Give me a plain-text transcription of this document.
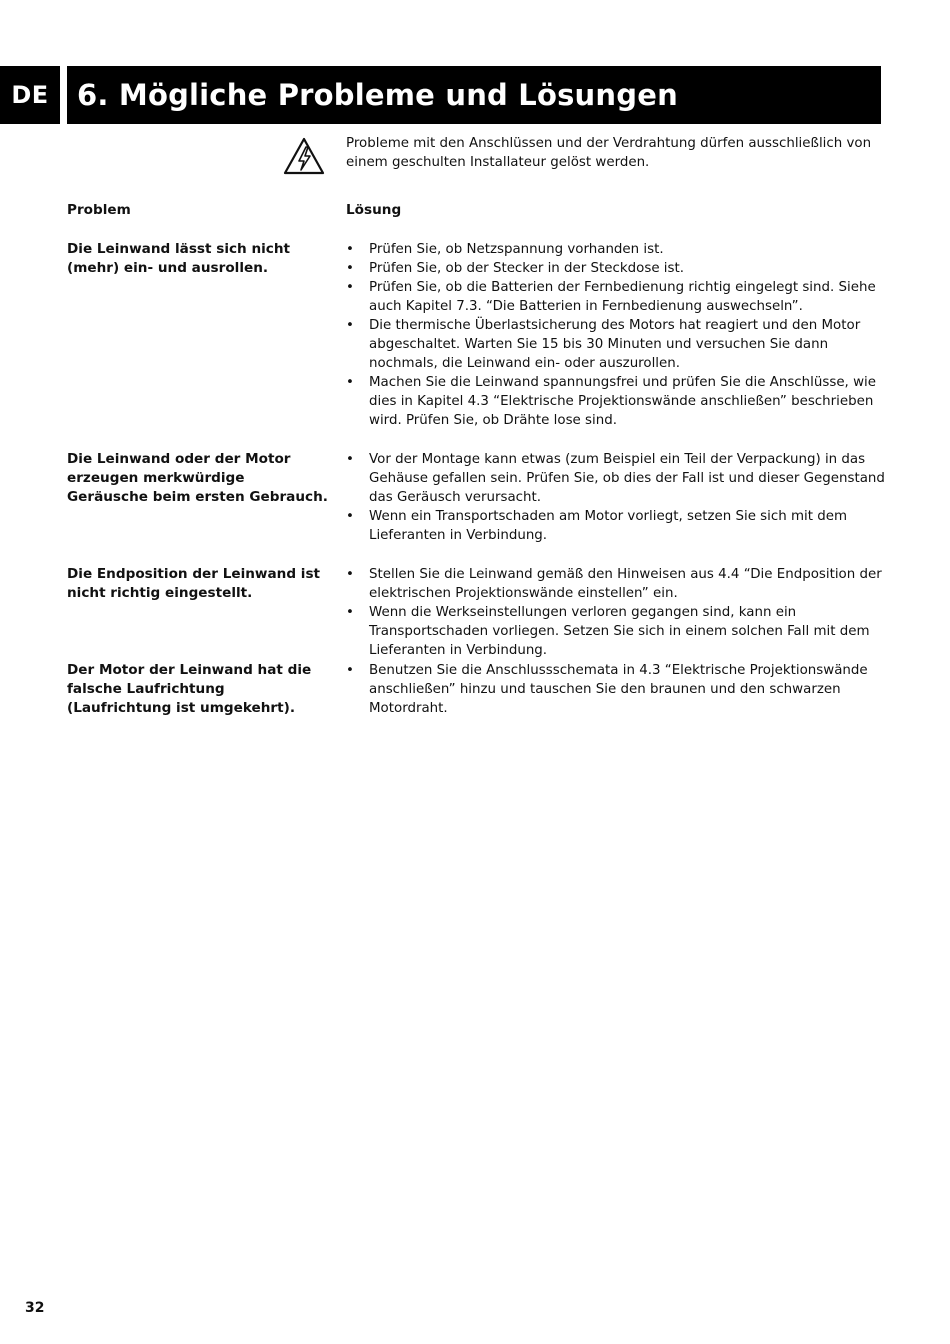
DE 6. Mögliche Probleme und Lösungen
Probleme mit den Anschlüssen und der Verdrahtung dürfen ausschließlich von einem geschulten Installateur gelöst werden.
Problem	Lösung
Die Leinwand lässt sich nicht (mehr) ein- und ausrollen.
• Prüfen Sie, ob Netzspannung vorhanden ist.
• Prüfen Sie, ob der Stecker in der Steckdose ist.
• Prüfen Sie, ob die Batterien der Fernbedienung richtig eingelegt sind. Siehe auch Kapitel 7.3. “Die Batterien in Fernbedienung auswechseln”.
• Die thermische Überlastsicherung des Motors hat reagiert und den Motor abgeschaltet. Warten Sie 15 bis 30 Minuten und versuchen Sie dann nochmals, die Leinwand ein- oder auszurollen.
• Machen Sie die Leinwand spannungsfrei und prüfen Sie die Anschlüsse, wie dies in Kapitel 4.3 “Elektrische Projektionswände anschließen” beschrieben wird. Prüfen Sie, ob Drähte lose sind.
Die Leinwand oder der Motor erzeugen merkwürdige Geräusche beim ersten Gebrauch.
• Vor der Montage kann etwas (zum Beispiel ein Teil der Verpackung) in das Gehäuse gefallen sein. Prüfen Sie, ob dies der Fall ist und dieser Gegenstand das Geräusch verursacht.
• Wenn ein Transportschaden am Motor vorliegt, setzen Sie sich mit dem Lieferanten in Verbindung.
Die Endposition der Leinwand ist nicht richtig eingestellt.
• Stellen Sie die Leinwand gemäß den Hinweisen aus 4.4 “Die Endposition der elektrischen Projektionswände einstellen” ein.
• Wenn die Werkseinstellungen verloren gegangen sind, kann ein Transportschaden vorliegen. Setzen Sie sich in einem solchen Fall mit dem Lieferanten in Verbindung.
Der Motor der Leinwand hat die falsche Laufrichtung (Laufrichtung ist umgekehrt).
• Benutzen Sie die Anschlussschemata in 4.3 “Elektrische Projektionswände anschließen” hinzu und tauschen Sie den braunen und den schwarzen Motordraht.
32
